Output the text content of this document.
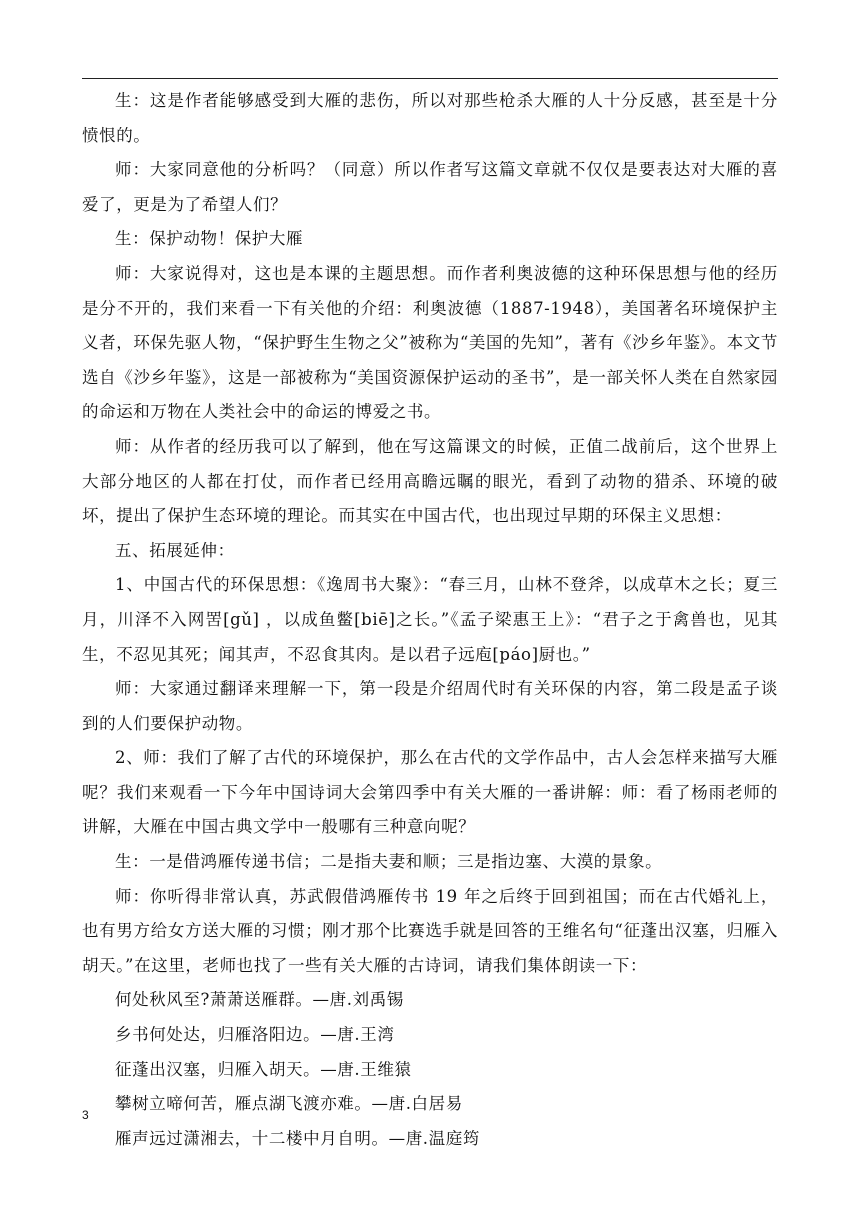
生：这是作者能够感受到大雁的悲伤，所以对那些枪杀大雁的人十分反感，甚至是十分愤恨的。

师：大家同意他的分析吗？（同意）所以作者写这篇文章就不仅仅是要表达对大雁的喜爱了，更是为了希望人们？

生：保护动物！保护大雁

师：大家说得对，这也是本课的主题思想。而作者利奥波德的这种环保思想与他的经历是分不开的，我们来看一下有关他的介绍：利奥波德（1887-1948），美国著名环境保护主义者，环保先驱人物，“保护野生生物之父”被称为“美国的先知”，著有《沙乡年鉴》。本文节选自《沙乡年鉴》，这是一部被称为“美国资源保护运动的圣书”，是一部关怀人类在自然家园的命运和万物在人类社会中的命运的博爱之书。

师：从作者的经历我可以了解到，他在写这篇课文的时候，正值二战前后，这个世界上大部分地区的人都在打仗，而作者已经用高瞻远瞩的眼光，看到了动物的猎杀、环境的破坏，提出了保护生态环境的理论。而其实在中国古代，也出现过早期的环保主义思想：

五、拓展延伸：

1、中国古代的环保思想：《逸周书大聚》：“春三月，山林不登斧，以成草木之长；夏三月，川泽不入网罟[gǔ] ，以成鱼鳖[biē]之长。”《孟子梁惠王上》：“君子之于禽兽也，见其生，不忍见其死；闻其声，不忍食其肉。是以君子远庖[páo]厨也。”

师：大家通过翻译来理解一下，第一段是介绍周代时有关环保的内容，第二段是孟子谈到的人们要保护动物。

2、师：我们了解了古代的环境保护，那么在古代的文学作品中，古人会怎样来描写大雁呢？我们来观看一下今年中国诗词大会第四季中有关大雁的一番讲解：师：看了杨雨老师的讲解，大雁在中国古典文学中一般哪有三种意向呢？

生：一是借鸿雁传递书信；二是指夫妻和顺；三是指边塞、大漠的景象。

师：你听得非常认真，苏武假借鸿雁传书 19 年之后终于回到祖国；而在古代婚礼上，也有男方给女方送大雁的习惯；刚才那个比赛选手就是回答的王维名句“征蓬出汉塞，归雁入胡天。”在这里，老师也找了一些有关大雁的古诗词，请我们集体朗读一下：

何处秋风至?萧萧送雁群。—唐.刘禹锡

乡书何处达，归雁洛阳边。—唐.王湾

征蓬出汉塞，归雁入胡天。—唐.王维猿

攀树立啼何苦，雁点湖飞渡亦难。—唐.白居易

雁声远过潇湘去，十二楼中月自明。—唐.温庭筠

3
